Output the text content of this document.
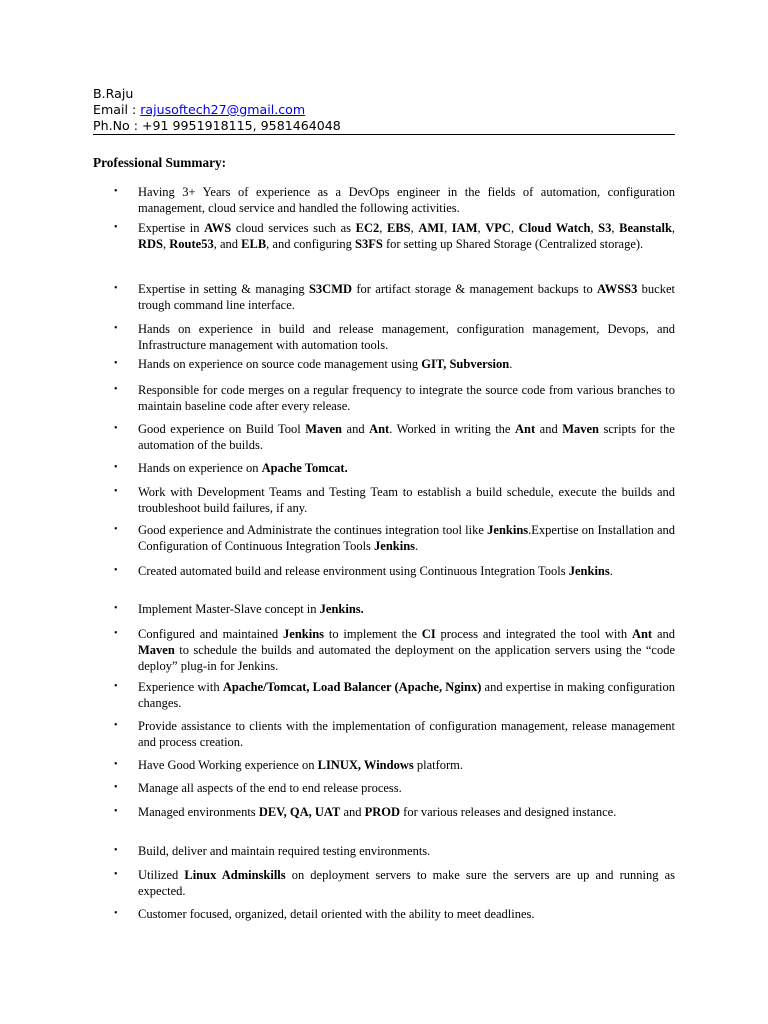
B.Raju
Email : rajusoftech27@gmail.com
Ph.No : +91 9951918115, 9581464048
Professional Summary:
• Having 3+ Years of experience as a DevOps engineer in the fields of automation, configuration management, cloud service and handled the following activities.
• Expertise in AWS cloud services such as EC2, EBS, AMI, IAM, VPC, Cloud Watch, S3, Beanstalk, RDS, Route53, and ELB, and configuring S3FS for setting up Shared Storage (Centralized storage).
• Expertise in setting & managing S3CMD for artifact storage & management backups to AWSS3 bucket trough command line interface.
• Hands on experience in build and release management, configuration management, Devops, and Infrastructure management with automation tools.
• Hands on experience on source code management using GIT, Subversion.
• Responsible for code merges on a regular frequency to integrate the source code from various branches to maintain baseline code after every release.
• Good experience on Build Tool Maven and Ant. Worked in writing the Ant and Maven scripts for the automation of the builds.
• Hands on experience on Apache Tomcat.
• Work with Development Teams and Testing Team to establish a build schedule, execute the builds and troubleshoot build failures, if any.
• Good experience and Administrate the continues integration tool like Jenkins.Expertise on Installation and Configuration of Continuous Integration Tools Jenkins.
• Created automated build and release environment using Continuous Integration Tools Jenkins.
• Implement Master-Slave concept in Jenkins.
• Configured and maintained Jenkins to implement the CI process and integrated the tool with Ant and Maven to schedule the builds and automated the deployment on the application servers using the “code deploy” plug-in for Jenkins.
• Experience with Apache/Tomcat, Load Balancer (Apache, Nginx) and expertise in making configuration changes.
• Provide assistance to clients with the implementation of configuration management, release management and process creation.
• Have Good Working experience on LINUX, Windows platform.
• Manage all aspects of the end to end release process.
• Managed environments DEV, QA, UAT and PROD for various releases and designed instance.
• Build, deliver and maintain required testing environments.
• Utilized Linux Adminskills on deployment servers to make sure the servers are up and running as expected.
• Customer focused, organized, detail oriented with the ability to meet deadlines.
